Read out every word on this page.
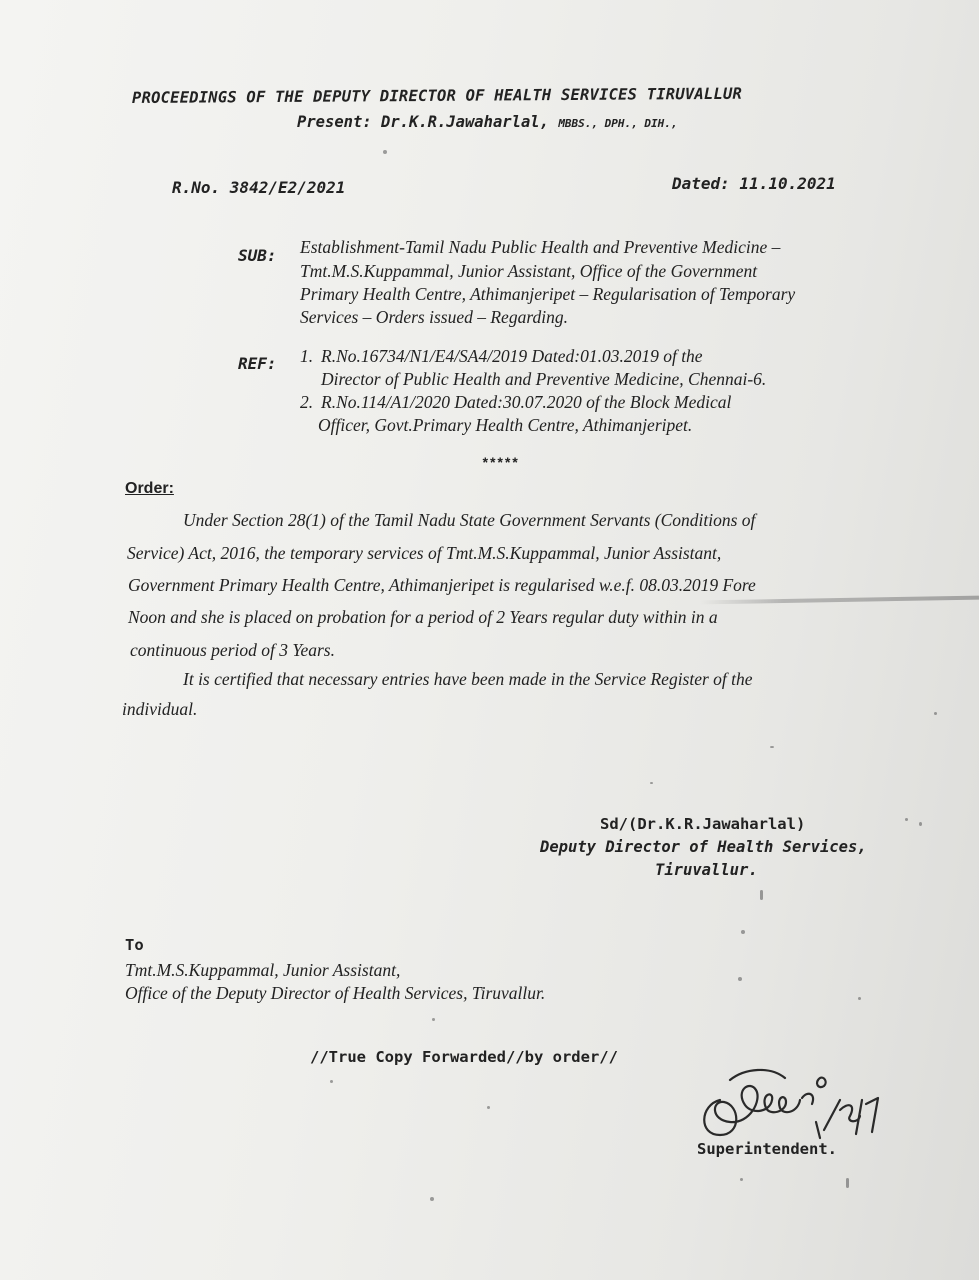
PROCEEDINGS OF THE DEPUTY DIRECTOR OF HEALTH SERVICES TIRUVALLUR
Present: Dr.K.R.Jawaharlal, MBBS., DPH., DIH.,
R.No. 3842/E2/2021	Dated: 11.10.2021
SUB: Establishment-Tamil Nadu Public Health and Preventive Medicine –
Tmt.M.S.Kuppammal, Junior Assistant, Office of the Government
Primary Health Centre, Athimanjeripet – Regularisation of Temporary
Services – Orders issued – Regarding.
REF: 1. R.No.16734/N1/E4/SA4/2019 Dated:01.03.2019 of the
Director of Public Health and Preventive Medicine, Chennai-6.
2. R.No.114/A1/2020 Dated:30.07.2020 of the Block Medical
Officer, Govt.Primary Health Centre, Athimanjeripet.
*****
Order:
Under Section 28(1) of the Tamil Nadu State Government Servants (Conditions of
Service) Act, 2016, the temporary services of Tmt.M.S.Kuppammal, Junior Assistant,
Government Primary Health Centre, Athimanjeripet is regularised w.e.f. 08.03.2019 Fore
Noon and she is placed on probation for a period of 2 Years regular duty within in a
continuous period of 3 Years.
It is certified that necessary entries have been made in the Service Register of the
individual.
Sd/(Dr.K.R.Jawaharlal)
Deputy Director of Health Services,
Tiruvallur.
To
Tmt.M.S.Kuppammal, Junior Assistant,
Office of the Deputy Director of Health Services, Tiruvallur.
//True Copy Forwarded//by order//
Superintendent.
